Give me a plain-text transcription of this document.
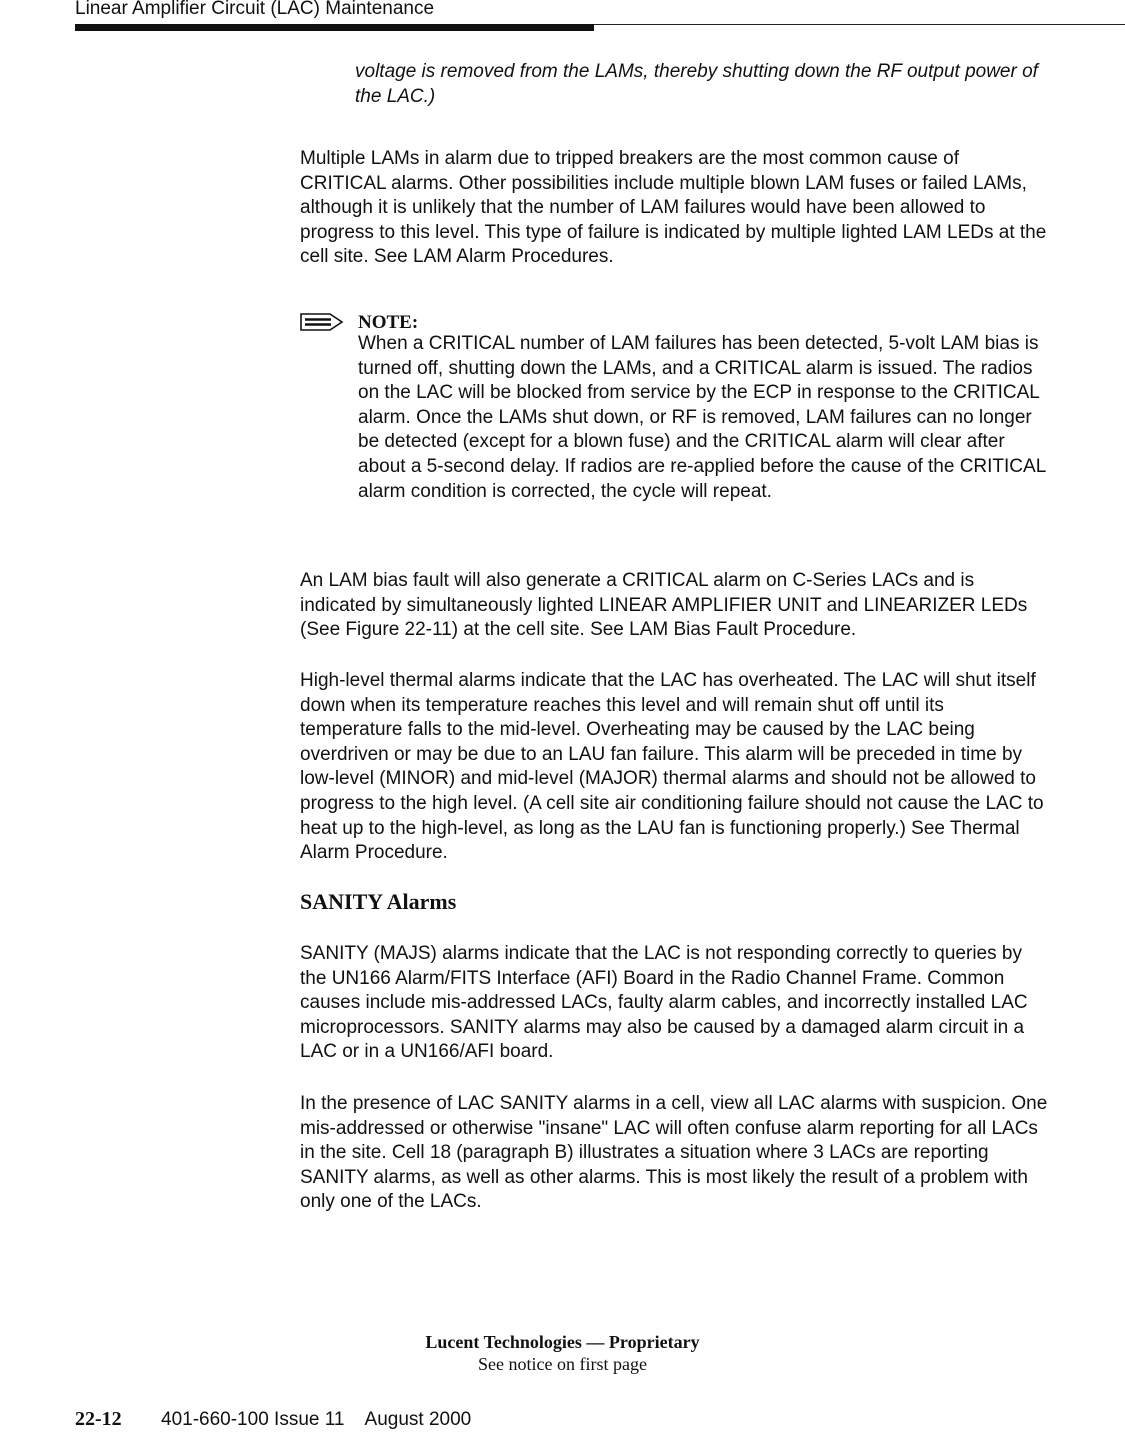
Linear Amplifier Circuit (LAC) Maintenance

voltage is removed from the LAMs, thereby shutting down the RF output power of the LAC.)

Multiple LAMs in alarm due to tripped breakers are the most common cause of CRITICAL alarms. Other possibilities include multiple blown LAM fuses or failed LAMs, although it is unlikely that the number of LAM failures would have been allowed to progress to this level. This type of failure is indicated by multiple lighted LAM LEDs at the cell site. See LAM Alarm Procedures.

NOTE:

When a CRITICAL number of LAM failures has been detected, 5-volt LAM bias is turned off, shutting down the LAMs, and a CRITICAL alarm is issued. The radios on the LAC will be blocked from service by the ECP in response to the CRITICAL alarm. Once the LAMs shut down, or RF is removed, LAM failures can no longer be detected (except for a blown fuse) and the CRITICAL alarm will clear after about a 5-second delay. If radios are re-applied before the cause of the CRITICAL alarm condition is corrected, the cycle will repeat.

An LAM bias fault will also generate a CRITICAL alarm on C-Series LACs and is indicated by simultaneously lighted LINEAR AMPLIFIER UNIT and LINEARIZER LEDs (See Figure 22-11) at the cell site. See LAM Bias Fault Procedure.

High-level thermal alarms indicate that the LAC has overheated. The LAC will shut itself down when its temperature reaches this level and will remain shut off until its temperature falls to the mid-level. Overheating may be caused by the LAC being overdriven or may be due to an LAU fan failure. This alarm will be preceded in time by low-level (MINOR) and mid-level (MAJOR) thermal alarms and should not be allowed to progress to the high level. (A cell site air conditioning failure should not cause the LAC to heat up to the high-level, as long as the LAU fan is functioning properly.) See Thermal Alarm Procedure.

SANITY Alarms

SANITY (MAJS) alarms indicate that the LAC is not responding correctly to queries by the UN166 Alarm/FITS Interface (AFI) Board in the Radio Channel Frame. Common causes include mis-addressed LACs, faulty alarm cables, and incorrectly installed LAC microprocessors. SANITY alarms may also be caused by a damaged alarm circuit in a LAC or in a UN166/AFI board.

In the presence of LAC SANITY alarms in a cell, view all LAC alarms with suspicion. One mis-addressed or otherwise "insane" LAC will often confuse alarm reporting for all LACs in the site. Cell 18 (paragraph B) illustrates a situation where 3 LACs are reporting SANITY alarms, as well as other alarms. This is most likely the result of a problem with only one of the LACs.

Lucent Technologies — Proprietary
See notice on first page
22-12 401-660-100 Issue 11    August 2000
